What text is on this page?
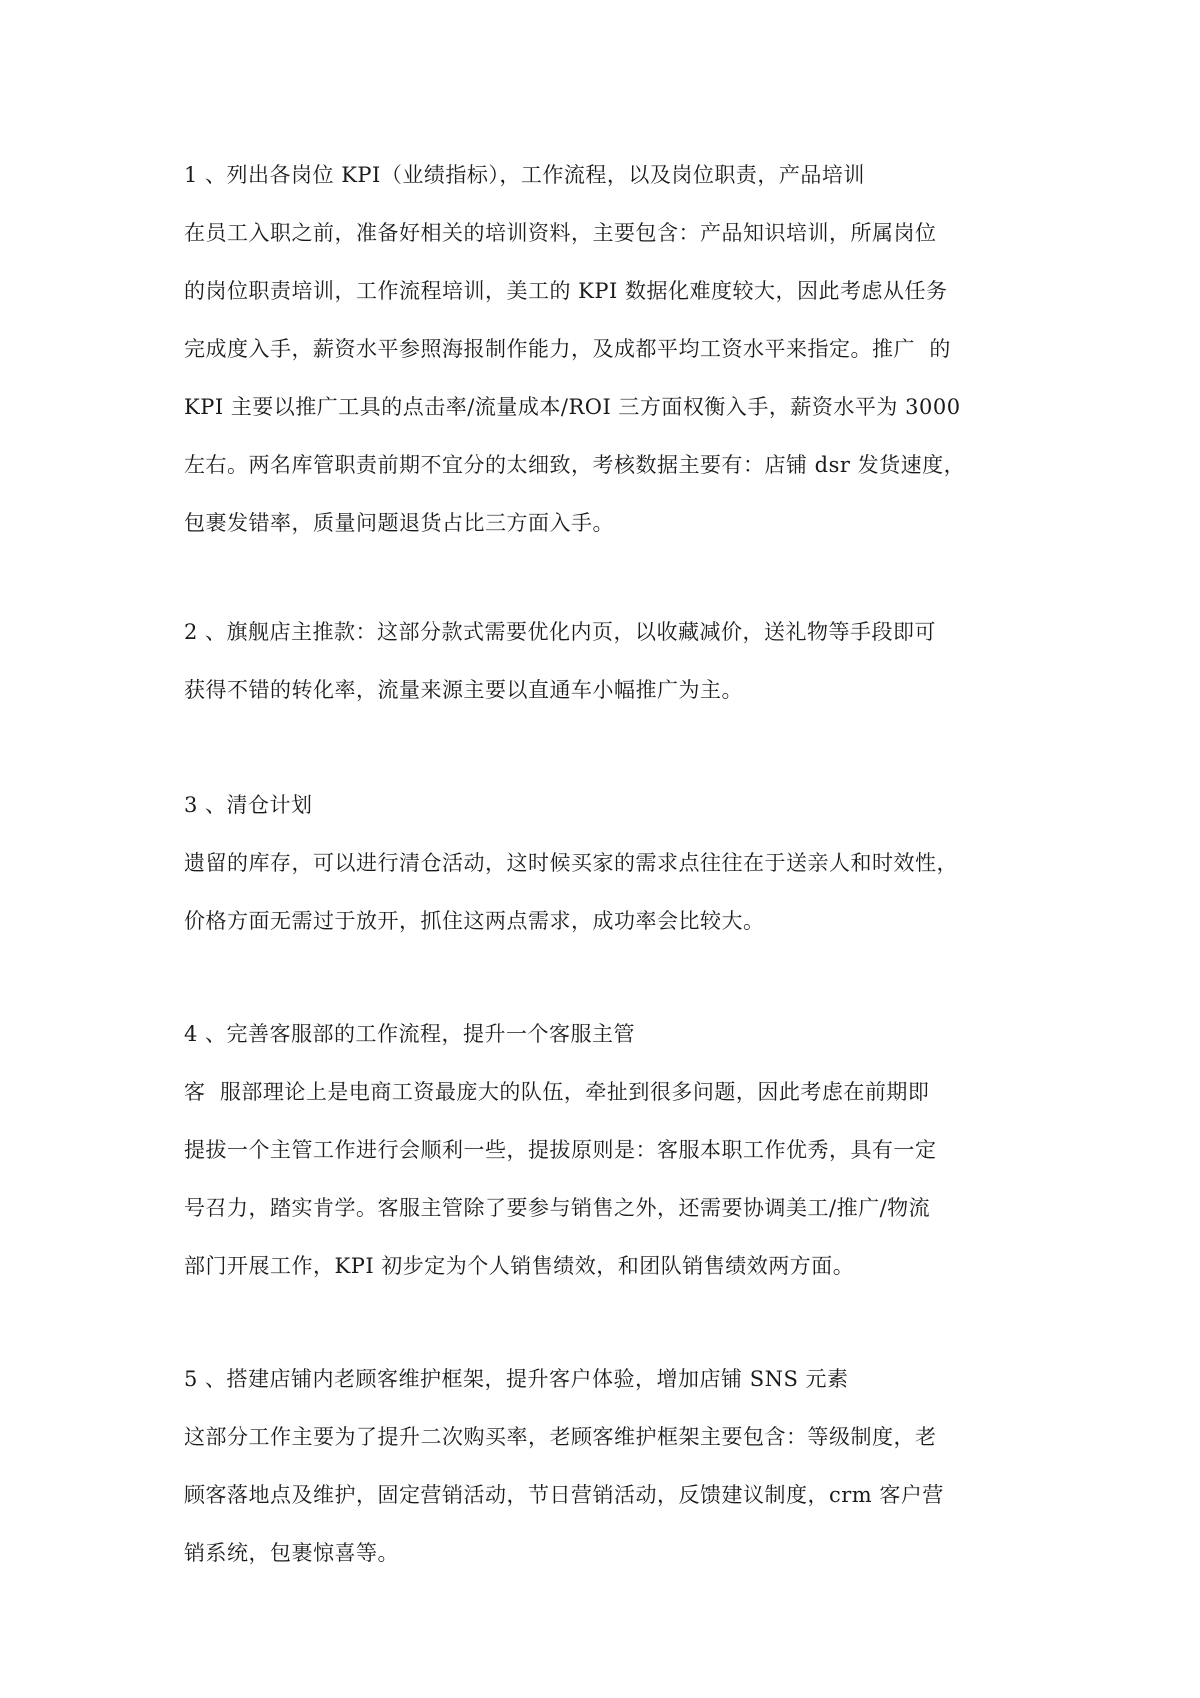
1 、列出各岗位 KPI（业绩指标），工作流程，以及岗位职责，产品培训
在员工入职之前，准备好相关的培训资料，主要包含：产品知识培训，所属岗位
的岗位职责培训，工作流程培训，美工的 KPI 数据化难度较大，因此考虑从任务
完成度入手，薪资水平参照海报制作能力，及成都平均工资水平来指定。推广  的
KPI 主要以推广工具的点击率/流量成本/ROI 三方面权衡入手，薪资水平为 3000
左右。两名库管职责前期不宜分的太细致，考核数据主要有：店铺 dsr 发货速度，
包裹发错率，质量问题退货占比三方面入手。
2 、旗舰店主推款：这部分款式需要优化内页，以收藏减价，送礼物等手段即可
获得不错的转化率，流量来源主要以直通车小幅推广为主。
3 、清仓计划
遗留的库存，可以进行清仓活动，这时候买家的需求点往往在于送亲人和时效性，
价格方面无需过于放开，抓住这两点需求，成功率会比较大。
4 、完善客服部的工作流程，提升一个客服主管
客  服部理论上是电商工资最庞大的队伍，牵扯到很多问题，因此考虑在前期即
提拔一个主管工作进行会顺利一些，提拔原则是：客服本职工作优秀，具有一定
号召力，踏实肯学。客服主管除了要参与销售之外，还需要协调美工/推广/物流
部门开展工作，KPI 初步定为个人销售绩效，和团队销售绩效两方面。
5 、搭建店铺内老顾客维护框架，提升客户体验，增加店铺 SNS 元素
这部分工作主要为了提升二次购买率，老顾客维护框架主要包含：等级制度，老
顾客落地点及维护，固定营销活动，节日营销活动，反馈建议制度，crm 客户营
销系统，包裹惊喜等。
